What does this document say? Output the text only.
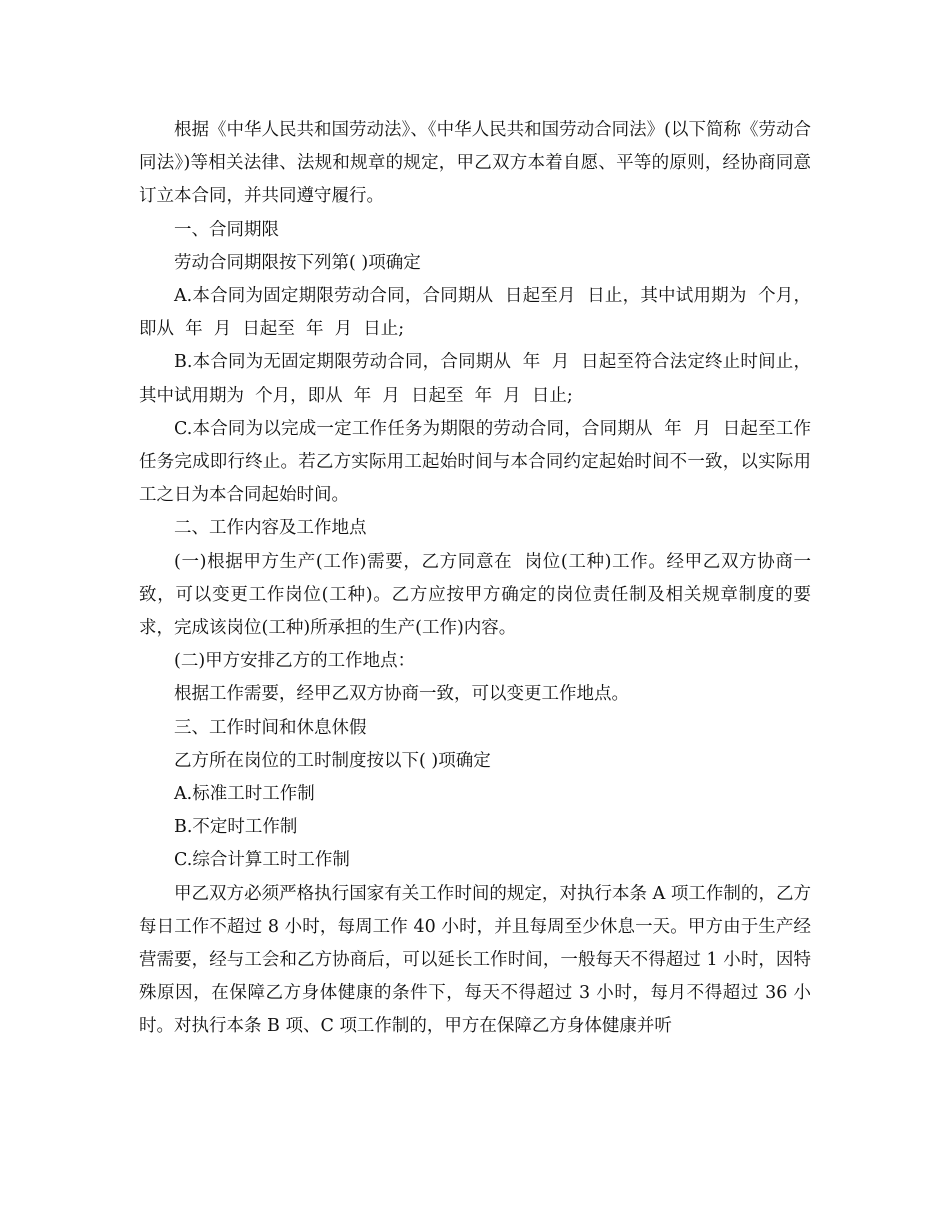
根据《中华人民共和国劳动法》、《中华人民共和国劳动合同法》(以下简称《劳动合同法》)等相关法律、法规和规章的规定，甲乙双方本着自愿、平等的原则，经协商同意订立本合同，并共同遵守履行。

一、合同期限

劳动合同期限按下列第( )项确定

A.本合同为固定期限劳动合同，合同期从  日起至月  日止，其中试用期为  个月，即从  年  月  日起至  年  月  日止;

B.本合同为无固定期限劳动合同，合同期从  年  月  日起至符合法定终止时间止，其中试用期为  个月，即从  年  月  日起至  年  月  日止;

C.本合同为以完成一定工作任务为期限的劳动合同，合同期从  年  月  日起至工作任务完成即行终止。若乙方实际用工起始时间与本合同约定起始时间不一致，以实际用工之日为本合同起始时间。

二、工作内容及工作地点

(一)根据甲方生产(工作)需要，乙方同意在  岗位(工种)工作。经甲乙双方协商一致，可以变更工作岗位(工种)。乙方应按甲方确定的岗位责任制及相关规章制度的要求，完成该岗位(工种)所承担的生产(工作)内容。

(二)甲方安排乙方的工作地点：

根据工作需要，经甲乙双方协商一致，可以变更工作地点。

三、工作时间和休息休假

乙方所在岗位的工时制度按以下( )项确定

A.标准工时工作制

B.不定时工作制

C.综合计算工时工作制

甲乙双方必须严格执行国家有关工作时间的规定，对执行本条 A 项工作制的，乙方每日工作不超过 8 小时，每周工作 40 小时，并且每周至少休息一天。甲方由于生产经营需要，经与工会和乙方协商后，可以延长工作时间，一般每天不得超过 1 小时，因特殊原因，在保障乙方身体健康的条件下，每天不得超过 3 小时，每月不得超过 36 小时。对执行本条 B 项、C 项工作制的，甲方在保障乙方身体健康并听
